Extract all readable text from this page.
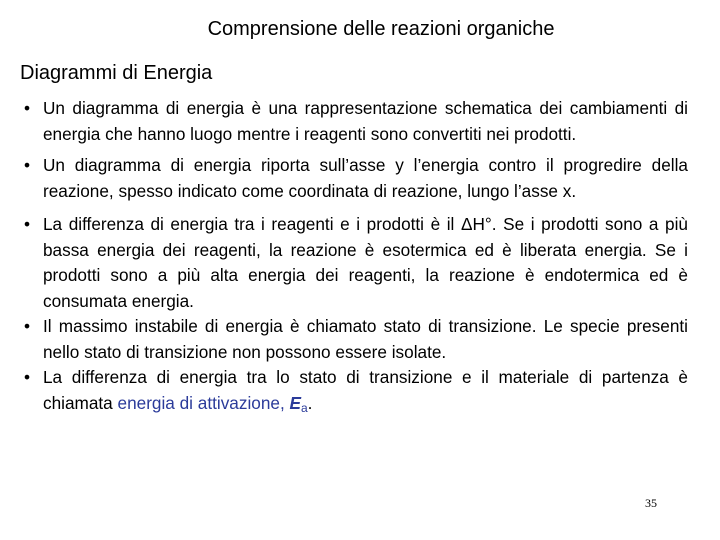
Comprensione delle reazioni organiche
Diagrammi di Energia
• Un diagramma di energia è una rappresentazione schematica dei cambiamenti di energia che hanno luogo mentre i reagenti sono convertiti nei prodotti.
• Un diagramma di energia riporta sull’asse y l’energia contro il progredire della reazione, spesso indicato come coordinata di reazione, lungo l’asse x.
• La differenza di energia tra i reagenti e i prodotti è il ΔH°. Se i prodotti sono a più bassa energia dei reagenti, la reazione è esotermica ed è liberata energia. Se i prodotti sono a più alta energia dei reagenti, la reazione è endotermica ed è consumata energia.
• Il massimo instabile di energia è chiamato stato di transizione. Le specie presenti nello stato di transizione non possono essere isolate.
• La differenza di energia tra lo stato di transizione e il materiale di partenza è chiamata energia di attivazione, $E_a$.
35
